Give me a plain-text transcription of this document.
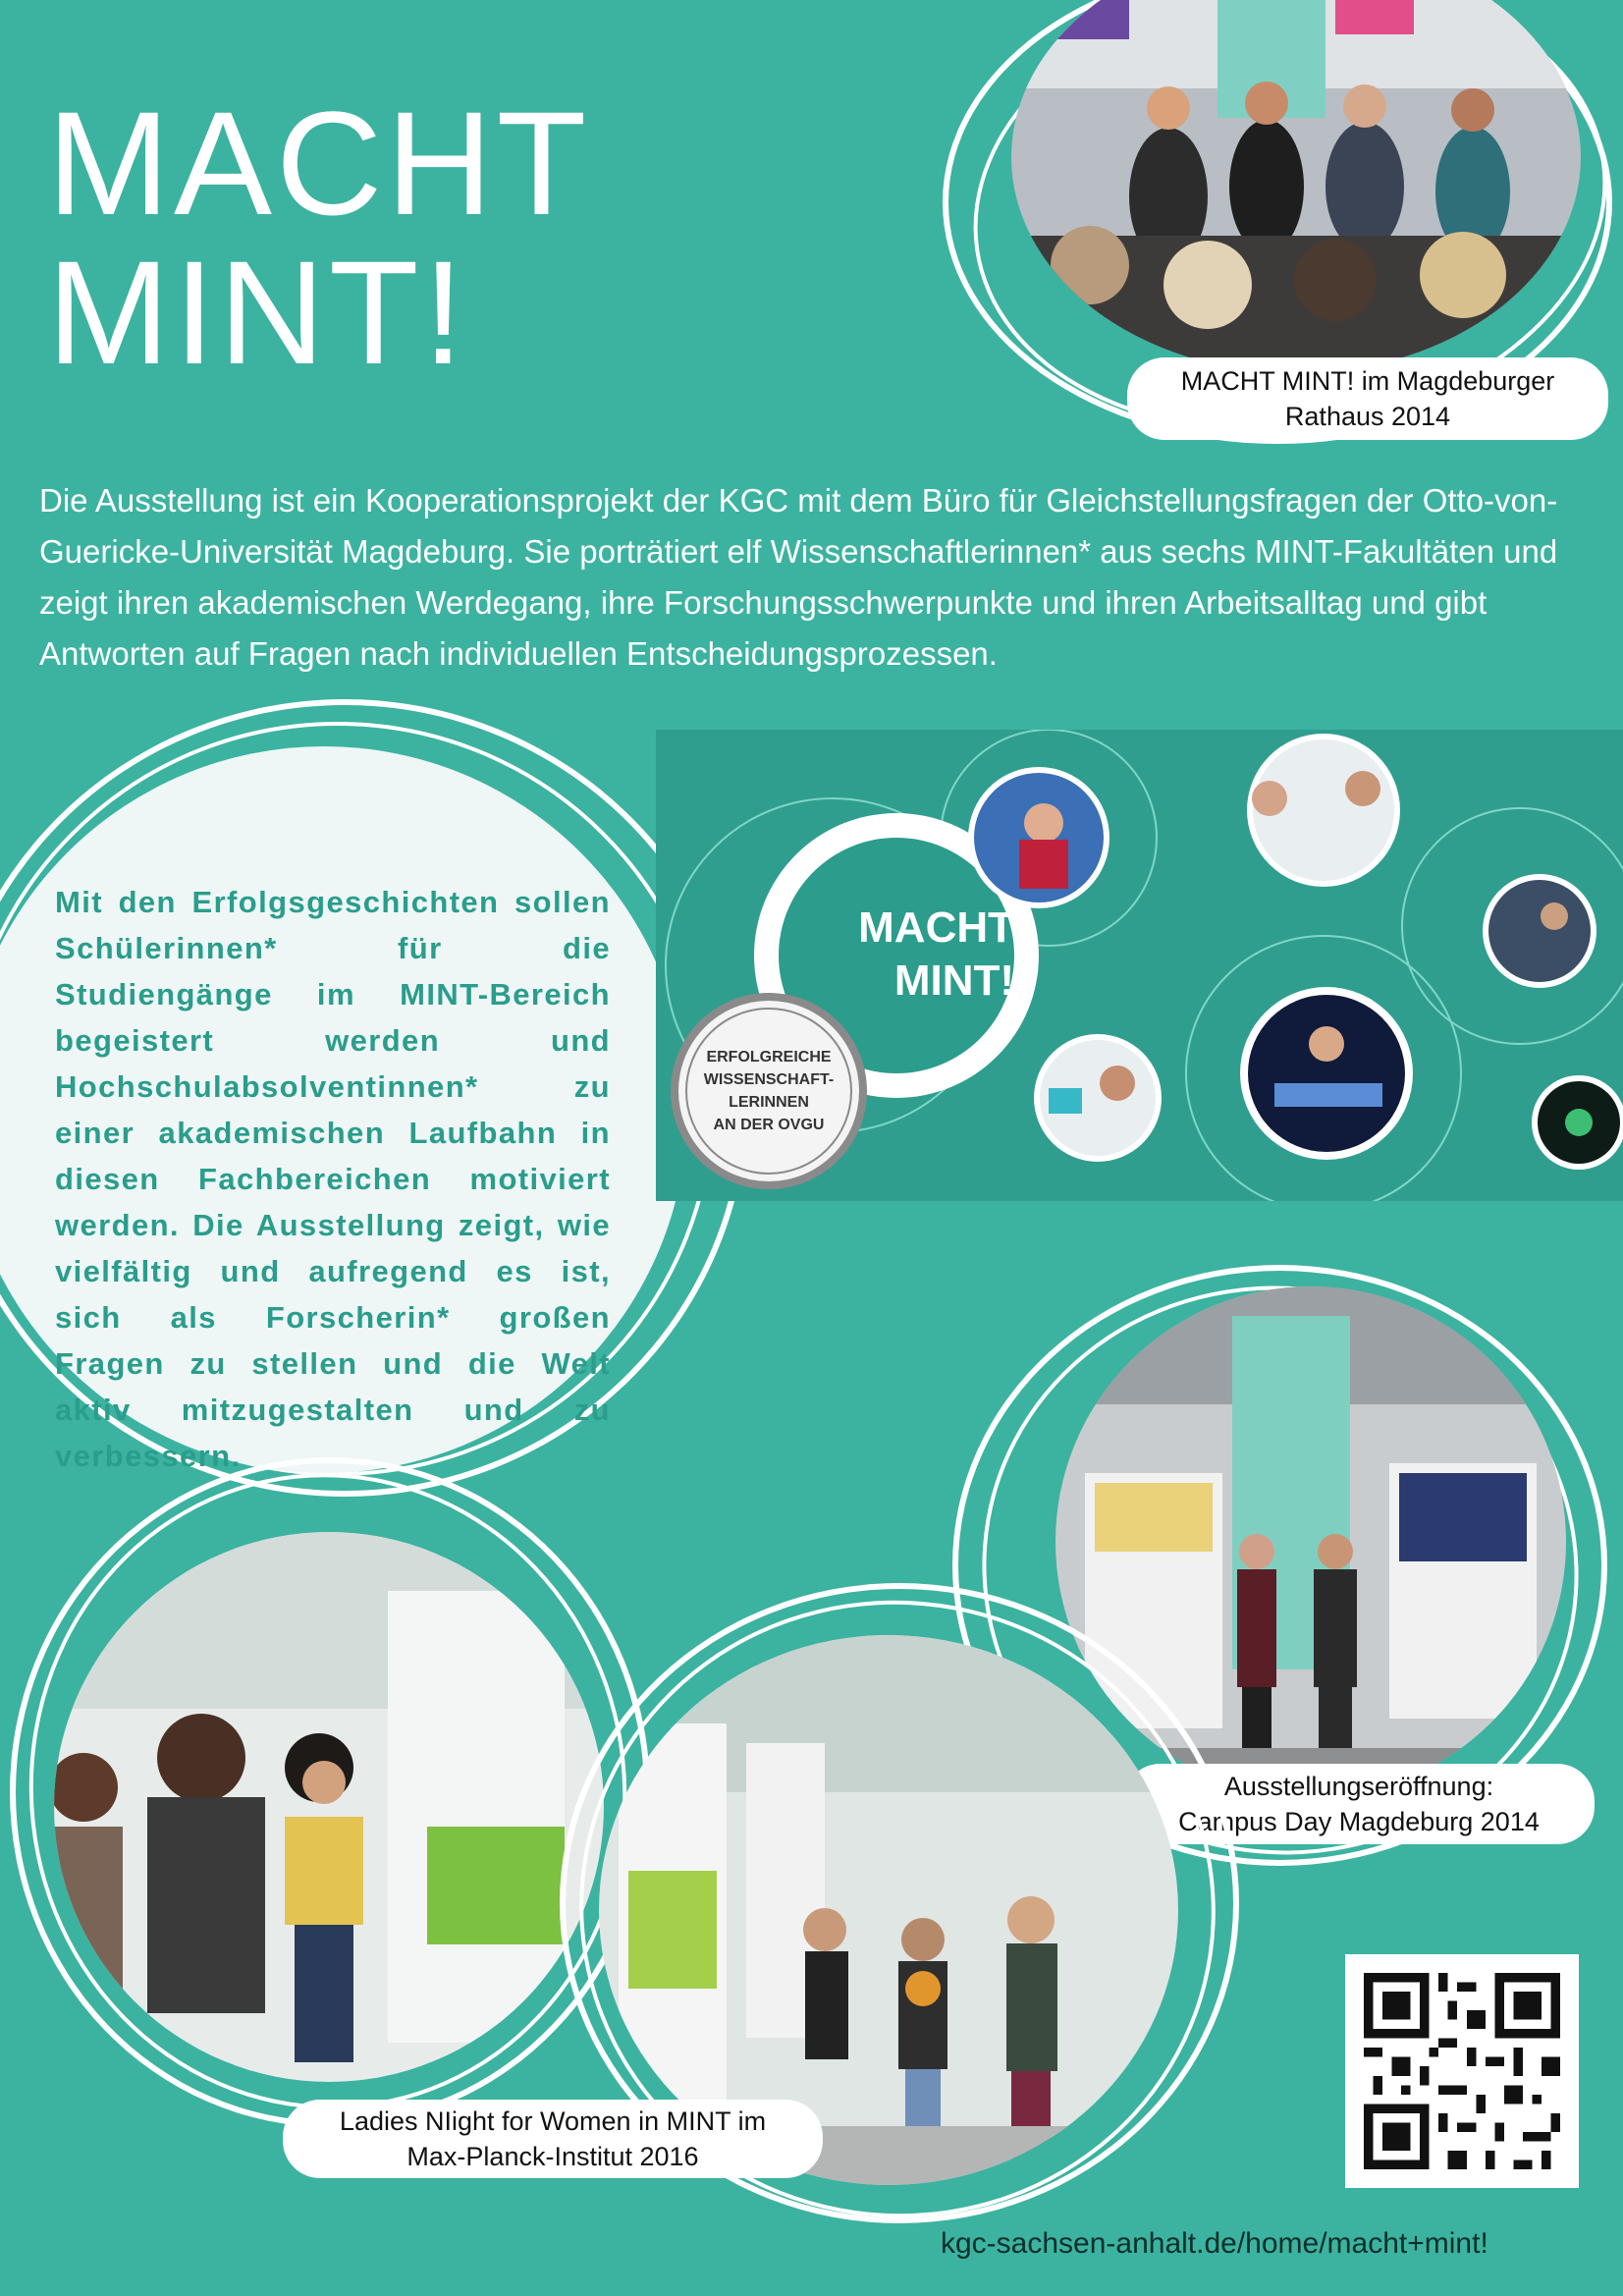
MACHT
MINT!	MACHT MINT! im Magdeburger
Rathaus 2014
Die Ausstellung ist ein Kooperationsprojekt der KGC mit dem Büro für Gleichstellungsfragen der Otto-von-Guericke-Universität Magdeburg. Sie porträtiert elf Wissenschaftlerinnen* aus sechs MINT-Fakultäten und zeigt ihren akademischen Werdegang, ihre Forschungsschwerpunkte und ihren Arbeitsalltag und gibt Antworten auf Fragen nach individuellen Entscheidungsprozessen.
Mit den Erfolgsgeschichten sollen Schülerinnen* für die Studiengänge im MINT-Bereich begeistert werden und Hochschulabsolventinnen* zu einer akademischen Laufbahn in diesen Fachbereichen motiviert werden. Die Ausstellung zeigt, wie vielfältig und aufregend es ist, sich als Forscherin* großen Fragen zu stellen und die Welt aktiv mitzugestalten und zu verbessern.
MACHT
MINT!
ERFOLGREICHE
WISSENSCHAFT-
LERINNEN
AN DER OVGU
Ausstellungseröffnung:
Campus Day Magdeburg 2014
Ladies NIight for Women in MINT im
Max-Planck-Institut 2016
kgc-sachsen-anhalt.de/home/macht+mint!
